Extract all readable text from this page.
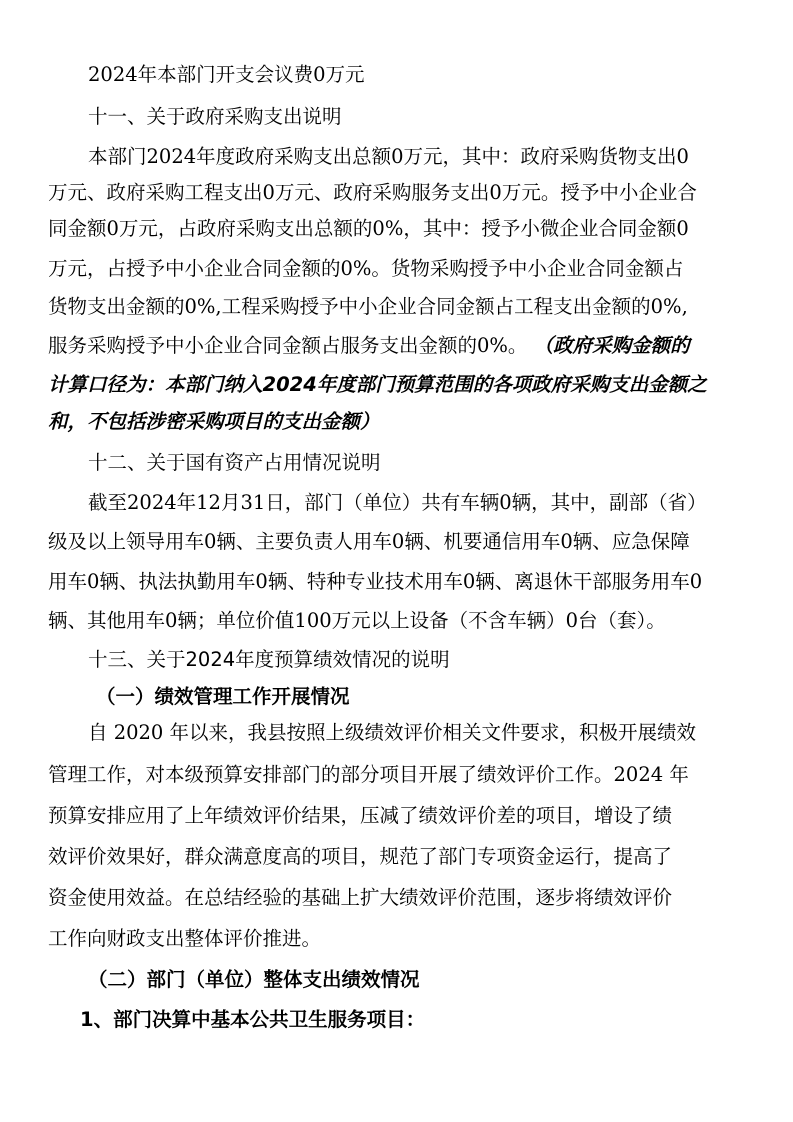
2024年本部门开支会议费0万元
十一、关于政府采购支出说明
本部门2024年度政府采购支出总额0万元，其中：政府采购货物支出0
万元、政府采购工程支出0万元、政府采购服务支出0万元。授予中小企业合
同金额0万元，占政府采购支出总额的0%，其中：授予小微企业合同金额0
万元，占授予中小企业合同金额的0%。货物采购授予中小企业合同金额占
货物支出金额的0%,工程采购授予中小企业合同金额占工程支出金额的0%,
服务采购授予中小企业合同金额占服务支出金额的0%。 （政府采购金额的
计算口径为：本部门纳入2024年度部门预算范围的各项政府采购支出金额之
和，不包括涉密采购项目的支出金额）
十二、关于国有资产占用情况说明
截至2024年12月31日，部门（单位）共有车辆0辆，其中，副部（省）
级及以上领导用车0辆、主要负责人用车0辆、机要通信用车0辆、应急保障
用车0辆、执法执勤用车0辆、特种专业技术用车0辆、离退休干部服务用车0
辆、其他用车0辆；单位价值100万元以上设备（不含车辆）0台（套）。
十三、关于2024年度预算绩效情况的说明
（一）绩效管理工作开展情况
自 2020 年以来，我县按照上级绩效评价相关文件要求，积极开展绩效
管理工作，对本级预算安排部门的部分项目开展了绩效评价工作。2024 年
预算安排应用了上年绩效评价结果，压减了绩效评价差的项目，增设了绩
效评价效果好，群众满意度高的项目，规范了部门专项资金运行，提高了
资金使用效益。在总结经验的基础上扩大绩效评价范围，逐步将绩效评价
工作向财政支出整体评价推进。
（二）部门（单位）整体支出绩效情况
1、部门决算中基本公共卫生服务项目：
